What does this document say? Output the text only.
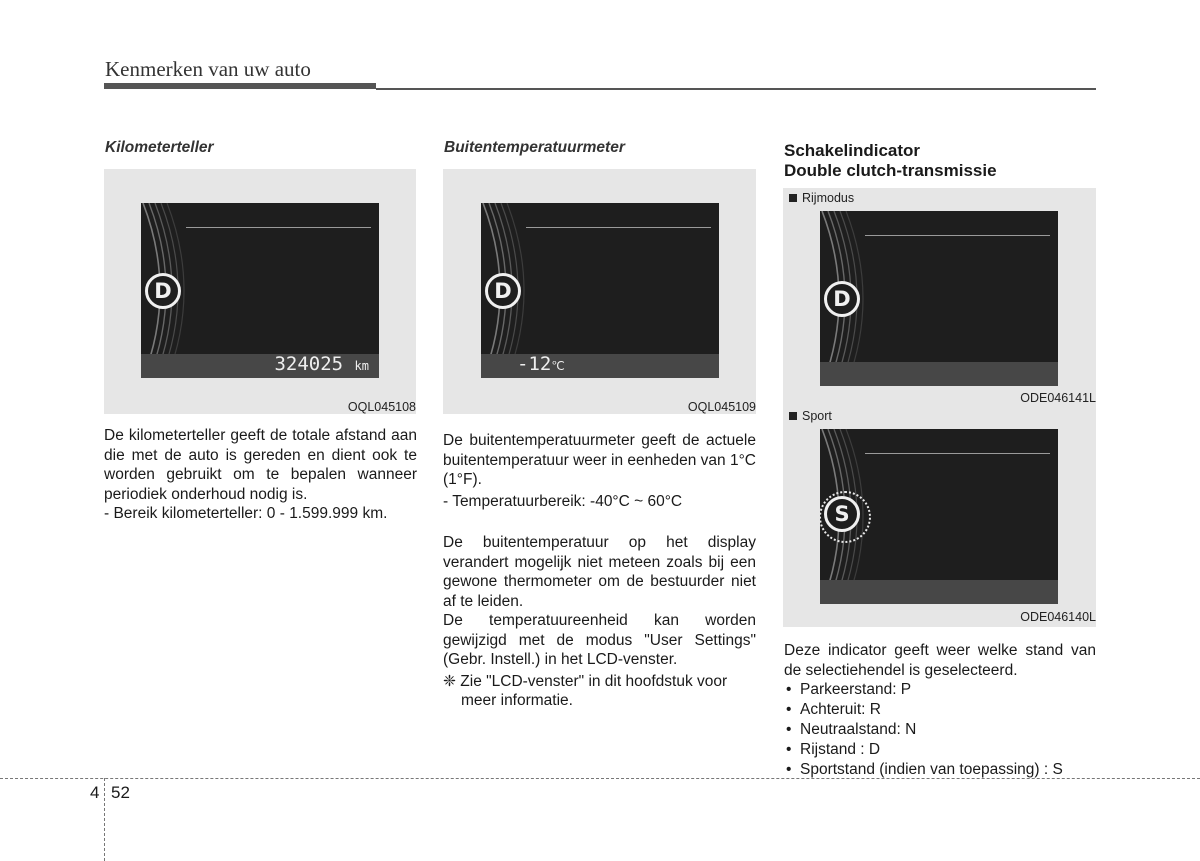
Kenmerken van uw auto
Kilometerteller
D
324025 km
OQL045108

De kilometerteller geeft de totale afstand aan die met de auto is gereden en dient ook te worden gebruikt om te bepalen wanneer periodiek onderhoud nodig is.

- Bereik kilometerteller: 0 - 1.599.999 km.

Buitentemperatuurmeter
D
-12℃
OQL045109

De buitentemperatuurmeter geeft de actuele buitentemperatuur weer in eenheden van 1°C (1°F).

- Temperatuurbereik: -40°C ~ 60°C

De buitentemperatuur op het display verandert mogelijk niet meteen zoals bij een gewone thermometer om de bestuurder niet af te leiden.

De temperatuureenheid kan worden gewijzigd met de modus "User Settings" (Gebr. Instell.) in het LCD-venster.

❈ Zie "LCD-venster" in dit hoofdstuk voor meer informatie.

Schakelindicator
Double clutch-transmissie
Rijmodus
D
ODE046141L
Sport
S
ODE046140L

Deze indicator geeft weer welke stand van de selectiehendel is geselecteerd.

• Parkeerstand: P
• Achteruit: R
• Neutraalstand: N
• Rijstand : D
• Sportstand (indien van toepassing) : S
4 52
